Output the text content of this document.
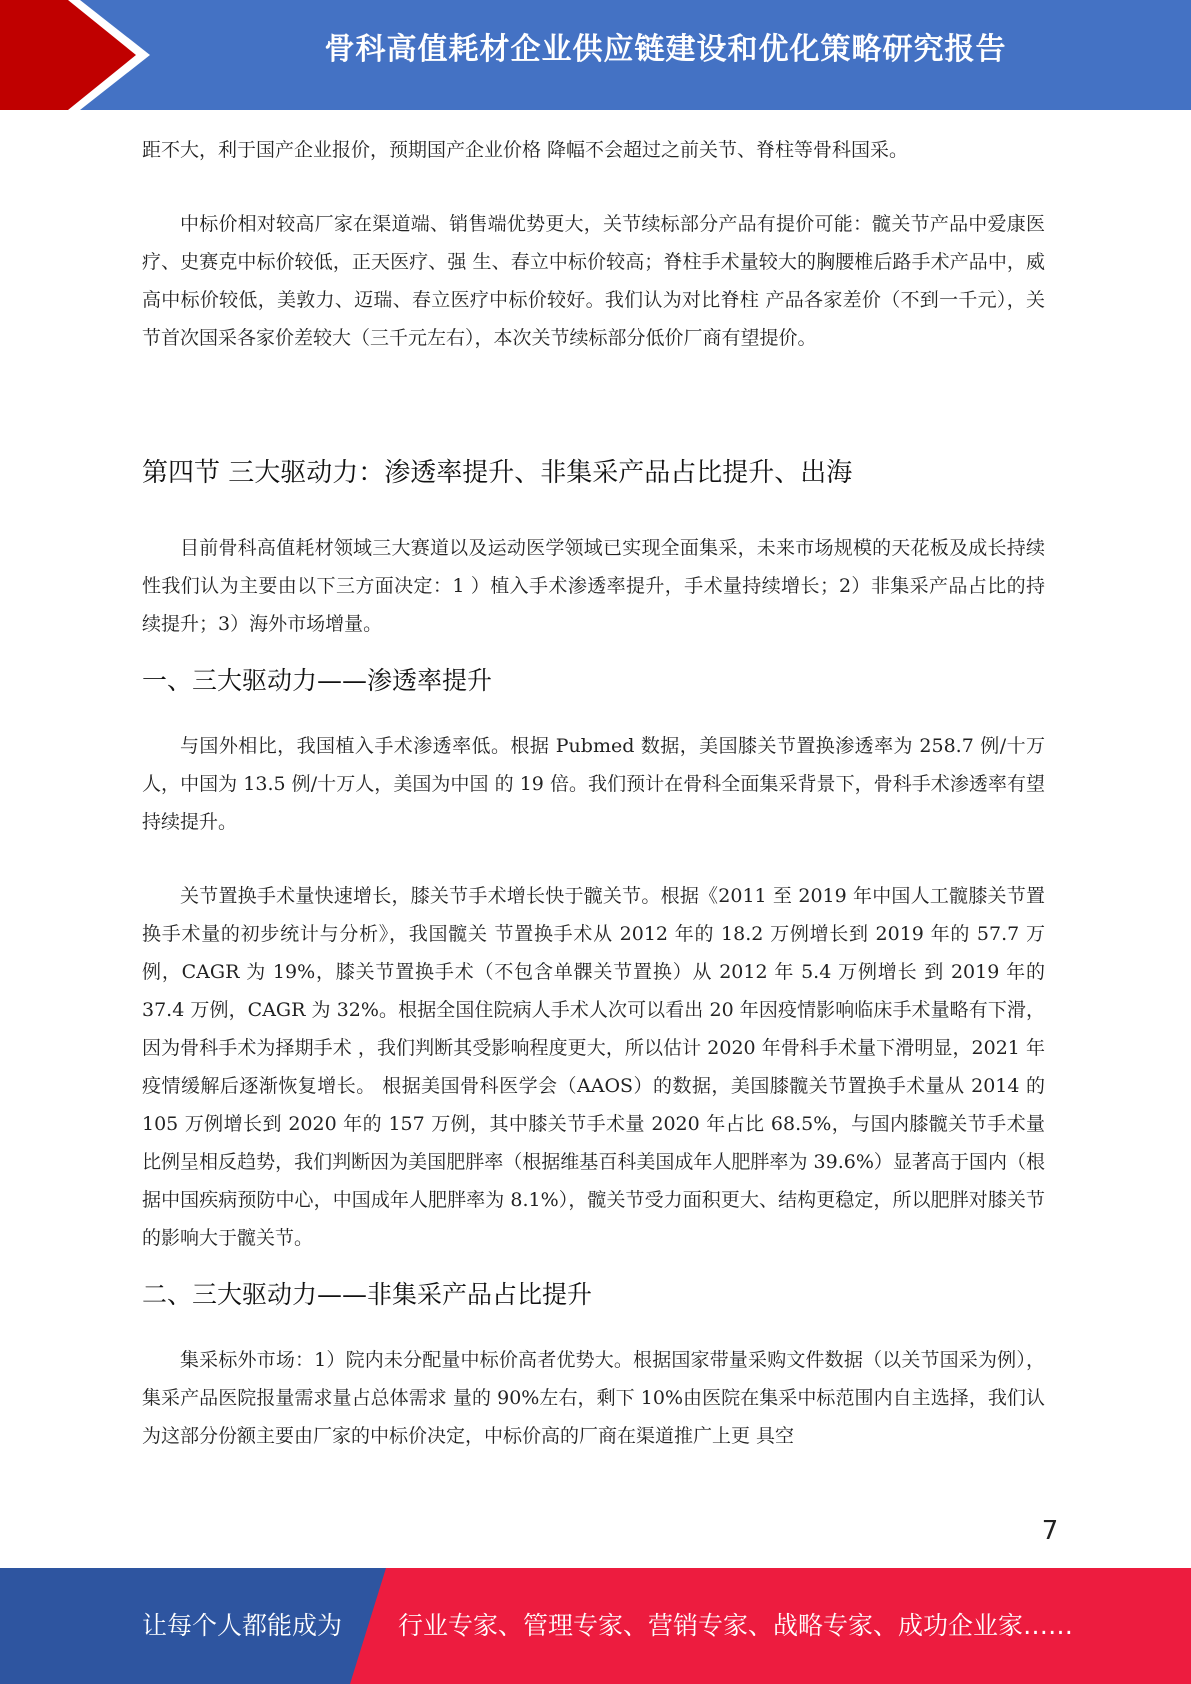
骨科高值耗材企业供应链建设和优化策略研究报告

距不大，利于国产企业报价，预期国产企业价格 降幅不会超过之前关节、脊柱等骨科国采。

中标价相对较高厂家在渠道端、销售端优势更大，关节续标部分产品有提价可能：髋关节产品中爱康医疗、史赛克中标价较低，正天医疗、强 生、春立中标价较高；脊柱手术量较大的胸腰椎后路手术产品中，威高中标价较低，美敦力、迈瑞、春立医疗中标价较好。我们认为对比脊柱 产品各家差价（不到一千元），关节首次国采各家价差较大（三千元左右），本次关节续标部分低价厂商有望提价。

第四节 三大驱动力：渗透率提升、非集采产品占比提升、出海

目前骨科高值耗材领域三大赛道以及运动医学领域已实现全面集采，未来市场规模的天花板及成长持续性我们认为主要由以下三方面决定：1 ）植入手术渗透率提升，手术量持续增长；2）非集采产品占比的持续提升；3）海外市场增量。

一、三大驱动力——渗透率提升

与国外相比，我国植入手术渗透率低。根据 Pubmed 数据，美国膝关节置换渗透率为 258.7 例/十万人，中国为 13.5 例/十万人，美国为中国 的 19 倍。我们预计在骨科全面集采背景下，骨科手术渗透率有望持续提升。

关节置换手术量快速增长，膝关节手术增长快于髋关节。根据《2011 至 2019 年中国人工髋膝关节置换手术量的初步统计与分析》，我国髋关 节置换手术从 2012 年的 18.2 万例增长到 2019 年的 57.7 万例，CAGR 为 19%，膝关节置换手术（不包含单髁关节置换）从 2012 年 5.4 万例增长 到 2019 年的 37.4 万例，CAGR 为 32%。根据全国住院病人手术人次可以看出 20 年因疫情影响临床手术量略有下滑，因为骨科手术为择期手术 ，我们判断其受影响程度更大，所以估计 2020 年骨科手术量下滑明显，2021 年疫情缓解后逐渐恢复增长。 根据美国骨科医学会（AAOS）的数据，美国膝髋关节置换手术量从 2014 的 105 万例增长到 2020 年的 157 万例，其中膝关节手术量 2020 年占比 68.5%，与国内膝髋关节手术量比例呈相反趋势，我们判断因为美国肥胖率（根据维基百科美国成年人肥胖率为 39.6%）显著高于国内（根 据中国疾病预防中心，中国成年人肥胖率为 8.1%），髋关节受力面积更大、结构更稳定，所以肥胖对膝关节的影响大于髋关节。

二、三大驱动力——非集采产品占比提升

集采标外市场：1）院内未分配量中标价高者优势大。根据国家带量采购文件数据（以关节国采为例），集采产品医院报量需求量占总体需求 量的 90%左右，剩下 10%由医院在集采中标范围内自主选择，我们认为这部分份额主要由厂家的中标价决定，中标价高的厂商在渠道推广上更 具空

7
让每个人都能成为 行业专家、管理专家、营销专家、战略专家、成功企业家……
